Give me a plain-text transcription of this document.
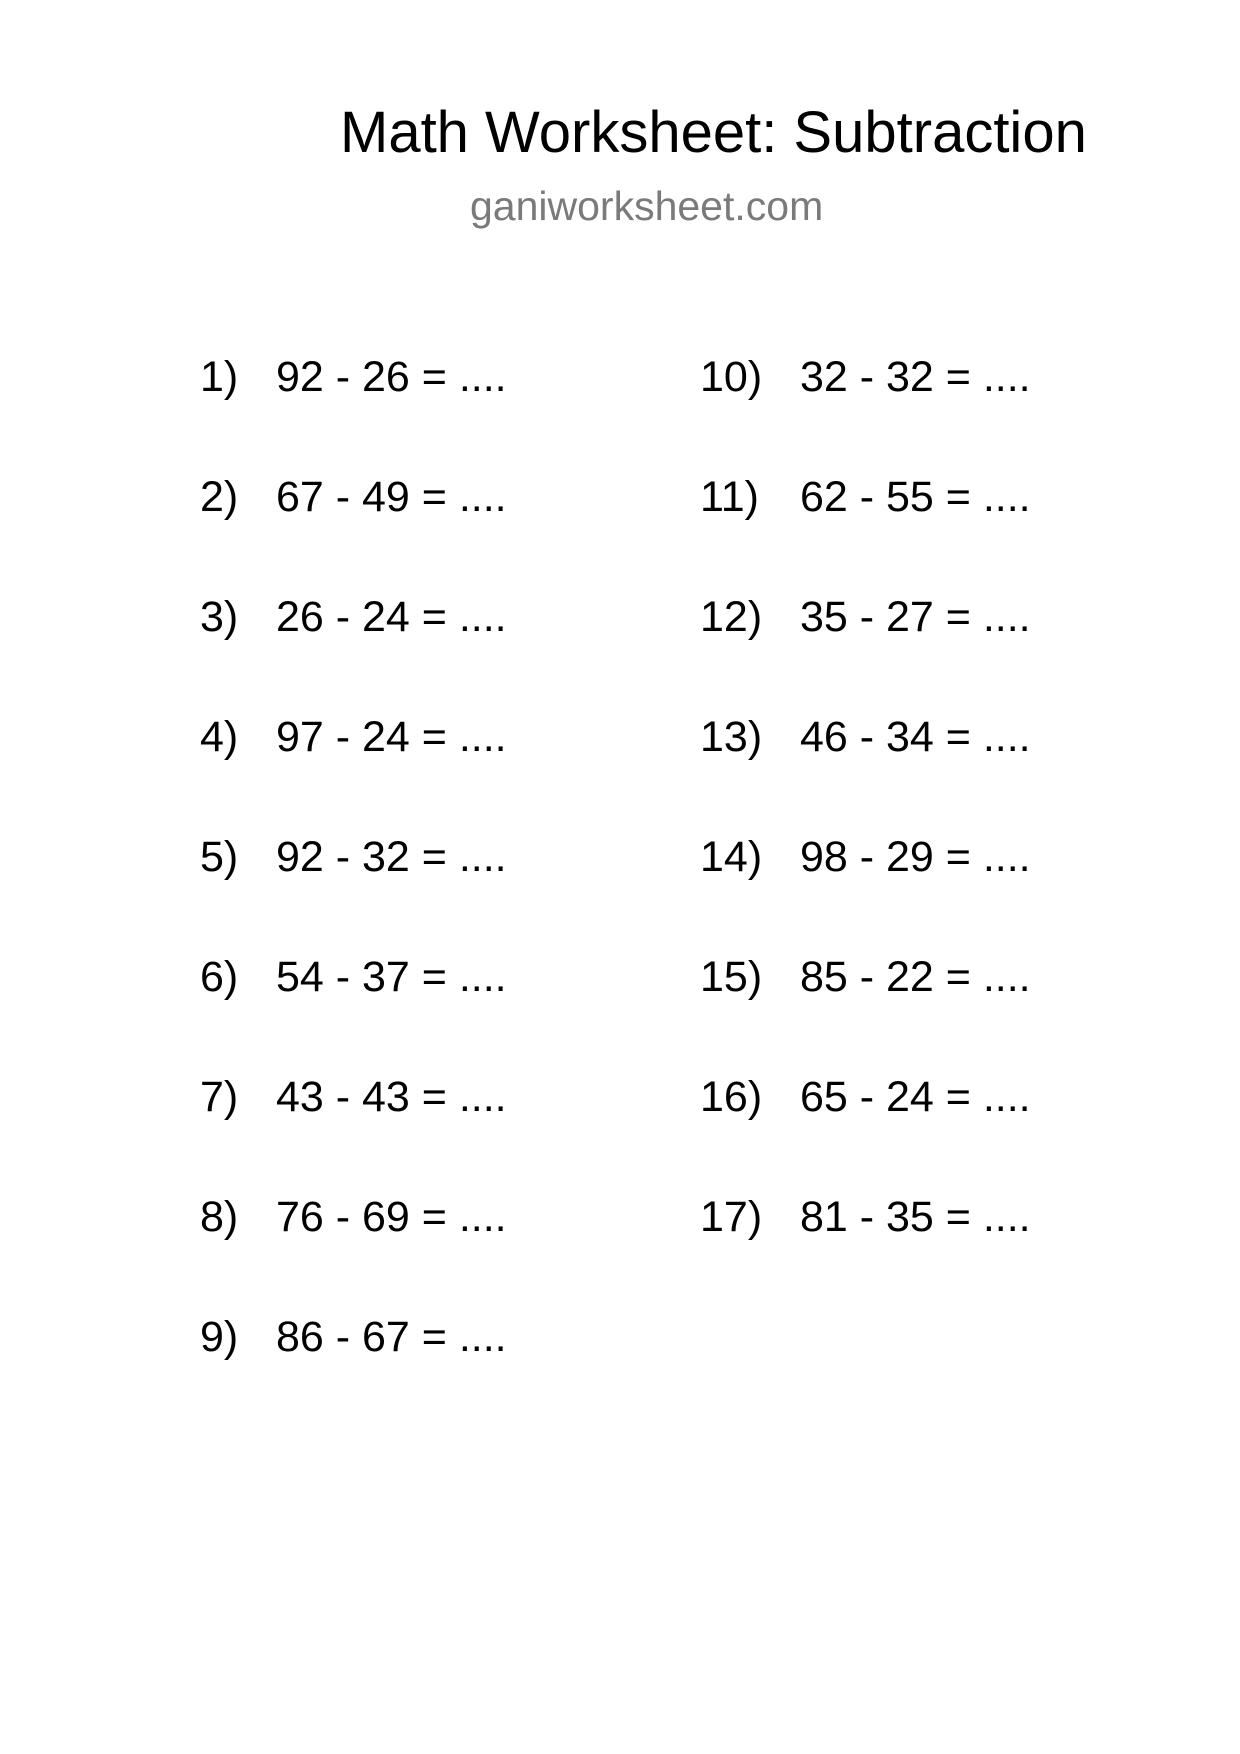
Math Worksheet: Subtraction
ganiworksheet.com
1) 92 - 26 = ....
2) 67 - 49 = ....
3) 26 - 24 = ....
4) 97 - 24 = ....
5) 92 - 32 = ....
6) 54 - 37 = ....
7) 43 - 43 = ....
8) 76 - 69 = ....
9) 86 - 67 = ....
10) 32 - 32 = ....
11) 62 - 55 = ....
12) 35 - 27 = ....
13) 46 - 34 = ....
14) 98 - 29 = ....
15) 85 - 22 = ....
16) 65 - 24 = ....
17) 81 - 35 = ....
